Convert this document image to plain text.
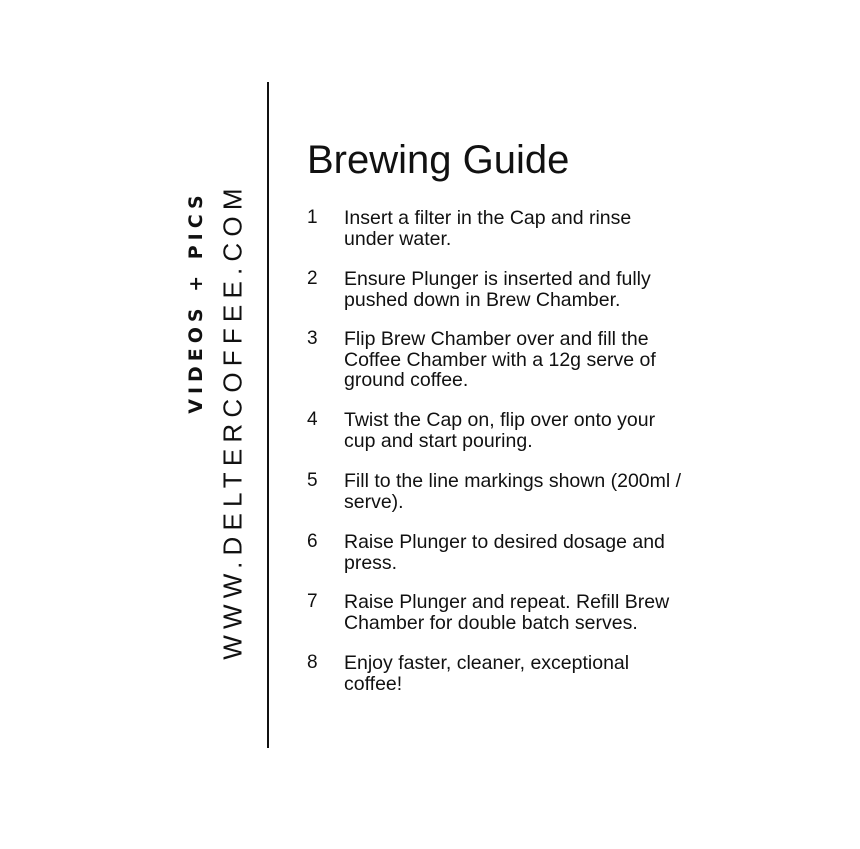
VIDEOS + PICS WWW.DELTERCOFFEE.COM
Brewing Guide
1	Insert a filter in the Cap and rinse under water.
2	Ensure Plunger is inserted and fully pushed down in Brew Chamber.
3	Flip Brew Chamber over and fill the Coffee Chamber with a 12g serve of ground coffee.
4	Twist the Cap on, flip over onto your cup and start pouring.
5	Fill to the line markings shown (200ml / serve).
6	Raise Plunger to desired dosage and press.
7	Raise Plunger and repeat. Refill Brew Chamber for double batch serves.
8	Enjoy faster, cleaner, exceptional coffee!
